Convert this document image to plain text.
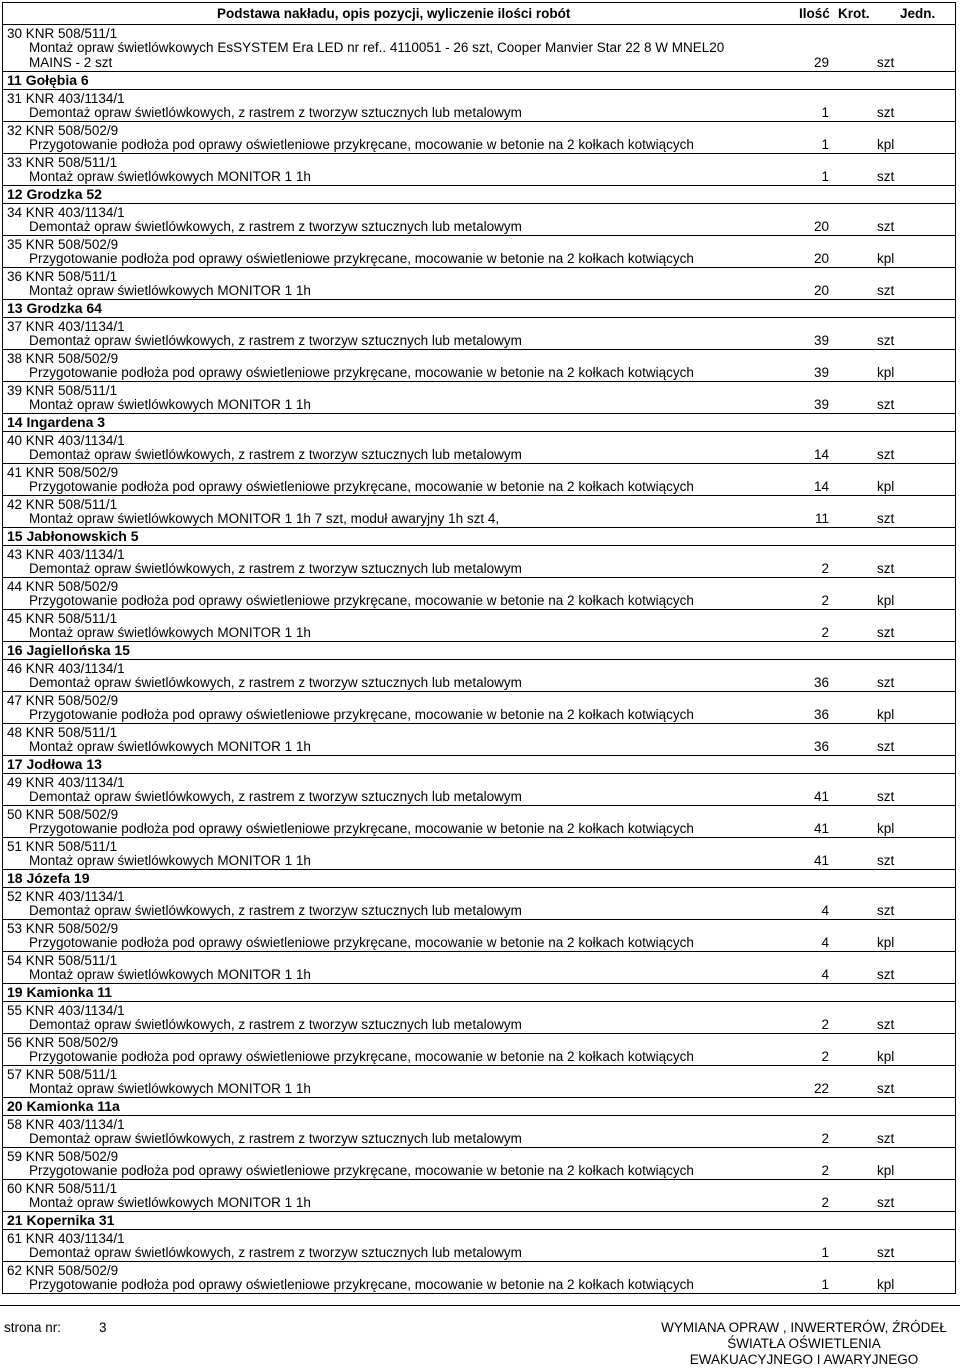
Podstawa nakładu, opis pozycji, wyliczenie ilości robót	Ilość Krot. Jedn.
30 KNR 508/511/1
Montaż opraw świetlówkowych EsSYSTEM Era LED nr ref.. 4110051 - 26 szt, Cooper Manvier Star 22 8 W MNEL20
MAINS - 2 szt	29	szt
11 Gołębia 6
31 KNR 403/1134/1
Demontaż opraw świetlówkowych, z rastrem z tworzyw sztucznych lub metalowym	1	szt
32 KNR 508/502/9
Przygotowanie podłoża pod oprawy oświetleniowe przykręcane, mocowanie w betonie na 2 kołkach kotwiących	1	kpl
33 KNR 508/511/1
Montaż opraw świetlówkowych MONITOR 1 1h	1	szt
12 Grodzka 52
34 KNR 403/1134/1
Demontaż opraw świetlówkowych, z rastrem z tworzyw sztucznych lub metalowym	20	szt
35 KNR 508/502/9
Przygotowanie podłoża pod oprawy oświetleniowe przykręcane, mocowanie w betonie na 2 kołkach kotwiących	20	kpl
36 KNR 508/511/1
Montaż opraw świetlówkowych MONITOR 1 1h	20	szt
13 Grodzka 64
37 KNR 403/1134/1
Demontaż opraw świetlówkowych, z rastrem z tworzyw sztucznych lub metalowym	39	szt
38 KNR 508/502/9
Przygotowanie podłoża pod oprawy oświetleniowe przykręcane, mocowanie w betonie na 2 kołkach kotwiących	39	kpl
39 KNR 508/511/1
Montaż opraw świetlówkowych MONITOR 1 1h	39	szt
14 Ingardena 3
40 KNR 403/1134/1
Demontaż opraw świetlówkowych, z rastrem z tworzyw sztucznych lub metalowym	14	szt
41 KNR 508/502/9
Przygotowanie podłoża pod oprawy oświetleniowe przykręcane, mocowanie w betonie na 2 kołkach kotwiących	14	kpl
42 KNR 508/511/1
Montaż opraw świetlówkowych MONITOR 1 1h 7 szt, moduł awaryjny 1h szt 4,	11	szt
15 Jabłonowskich 5
43 KNR 403/1134/1
Demontaż opraw świetlówkowych, z rastrem z tworzyw sztucznych lub metalowym	2	szt
44 KNR 508/502/9
Przygotowanie podłoża pod oprawy oświetleniowe przykręcane, mocowanie w betonie na 2 kołkach kotwiących	2	kpl
45 KNR 508/511/1
Montaż opraw świetlówkowych MONITOR 1 1h	2	szt
16 Jagiellońska 15
46 KNR 403/1134/1
Demontaż opraw świetlówkowych, z rastrem z tworzyw sztucznych lub metalowym	36	szt
47 KNR 508/502/9
Przygotowanie podłoża pod oprawy oświetleniowe przykręcane, mocowanie w betonie na 2 kołkach kotwiących	36	kpl
48 KNR 508/511/1
Montaż opraw świetlówkowych MONITOR 1 1h	36	szt
17 Jodłowa 13
49 KNR 403/1134/1
Demontaż opraw świetlówkowych, z rastrem z tworzyw sztucznych lub metalowym	41	szt
50 KNR 508/502/9
Przygotowanie podłoża pod oprawy oświetleniowe przykręcane, mocowanie w betonie na 2 kołkach kotwiących	41	kpl
51 KNR 508/511/1
Montaż opraw świetlówkowych MONITOR 1 1h	41	szt
18 Józefa 19
52 KNR 403/1134/1
Demontaż opraw świetlówkowych, z rastrem z tworzyw sztucznych lub metalowym	4	szt
53 KNR 508/502/9
Przygotowanie podłoża pod oprawy oświetleniowe przykręcane, mocowanie w betonie na 2 kołkach kotwiących	4	kpl
54 KNR 508/511/1
Montaż opraw świetlówkowych MONITOR 1 1h	4	szt
19 Kamionka 11
55 KNR 403/1134/1
Demontaż opraw świetlówkowych, z rastrem z tworzyw sztucznych lub metalowym	2	szt
56 KNR 508/502/9
Przygotowanie podłoża pod oprawy oświetleniowe przykręcane, mocowanie w betonie na 2 kołkach kotwiących	2	kpl
57 KNR 508/511/1
Montaż opraw świetlówkowych MONITOR 1 1h	22	szt
20 Kamionka 11a
58 KNR 403/1134/1
Demontaż opraw świetlówkowych, z rastrem z tworzyw sztucznych lub metalowym	2	szt
59 KNR 508/502/9
Przygotowanie podłoża pod oprawy oświetleniowe przykręcane, mocowanie w betonie na 2 kołkach kotwiących	2	kpl
60 KNR 508/511/1
Montaż opraw świetlówkowych MONITOR 1 1h	2	szt
21 Kopernika 31
61 KNR 403/1134/1
Demontaż opraw świetlówkowych, z rastrem z tworzyw sztucznych lub metalowym	1	szt
62 KNR 508/502/9
Przygotowanie podłoża pod oprawy oświetleniowe przykręcane, mocowanie w betonie na 2 kołkach kotwiących	1	kpl
strona nr:	3	WYMIANA OPRAW , INWERTERÓW, ŹRÓDEŁ
ŚWIATŁA OŚWIETLENIA
EWAKUACYJNEGO I AWARYJNEGO
